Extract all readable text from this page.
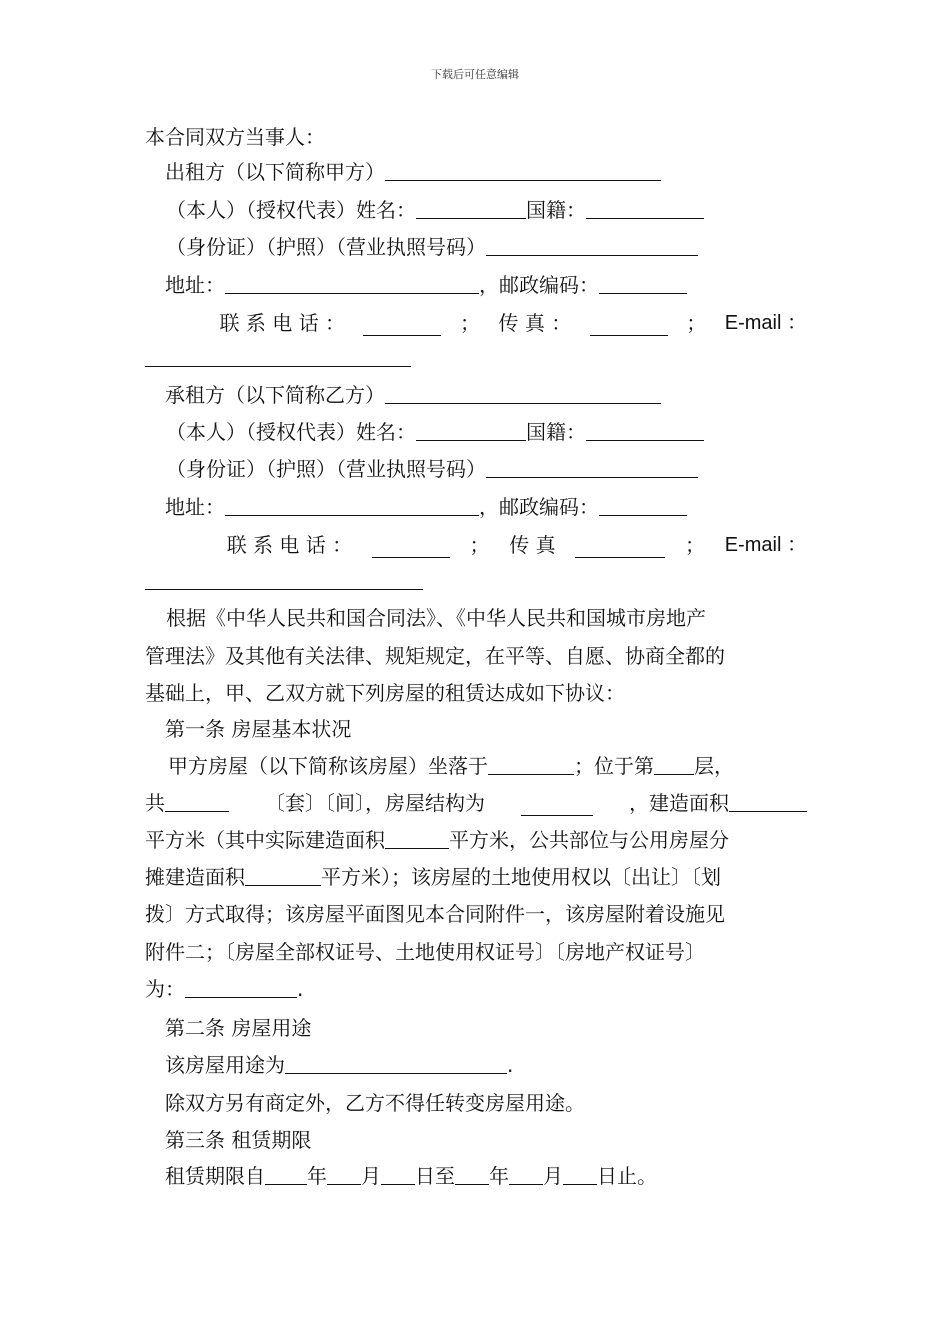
下载后可任意编辑
本合同双方当事人：
出租方（以下简称甲方）
（本人）（授权代表）姓名：	国籍：
（身份证）（护照）（营业执照号码）
地址：	，邮政编码：
联 系 电 话 ：	； 传 真 ：	； E-mail ：
承租方（以下简称乙方）
（本人）（授权代表）姓名：	国籍：
（身份证）（护照）（营业执照号码）
地址：	，邮政编码：
联 系 电 话 ：	； 传 真	； E-mail ：
根据《中华人民共和国合同法》、《中华人民共和国城市房地产
管理法》及其他有关法律、规矩规定，在平等、自愿、协商全都的
基础上，甲、乙双方就下列房屋的租赁达成如下协议：
第一条 房屋基本状况
甲方房屋（以下简称该房屋）坐落于	；位于第 层，
共	〔套〕〔间〕，房屋结构为	，建造面积
平方米（其中实际建造面积	平方米，公共部位与公用房屋分
摊建造面积	平方米）；该房屋的土地使用权以〔出让〕〔划
拨〕方式取得；该房屋平面图见本合同附件一，该房屋附着设施见
附件二；〔房屋全部权证号、土地使用权证号〕〔房地产权证号〕
为：	.
第二条 房屋用途
该房屋用途为	.
除双方另有商定外，乙方不得任转变房屋用途。
第三条 租赁期限
租赁期限自 年 月 日至 年 月 日止。
